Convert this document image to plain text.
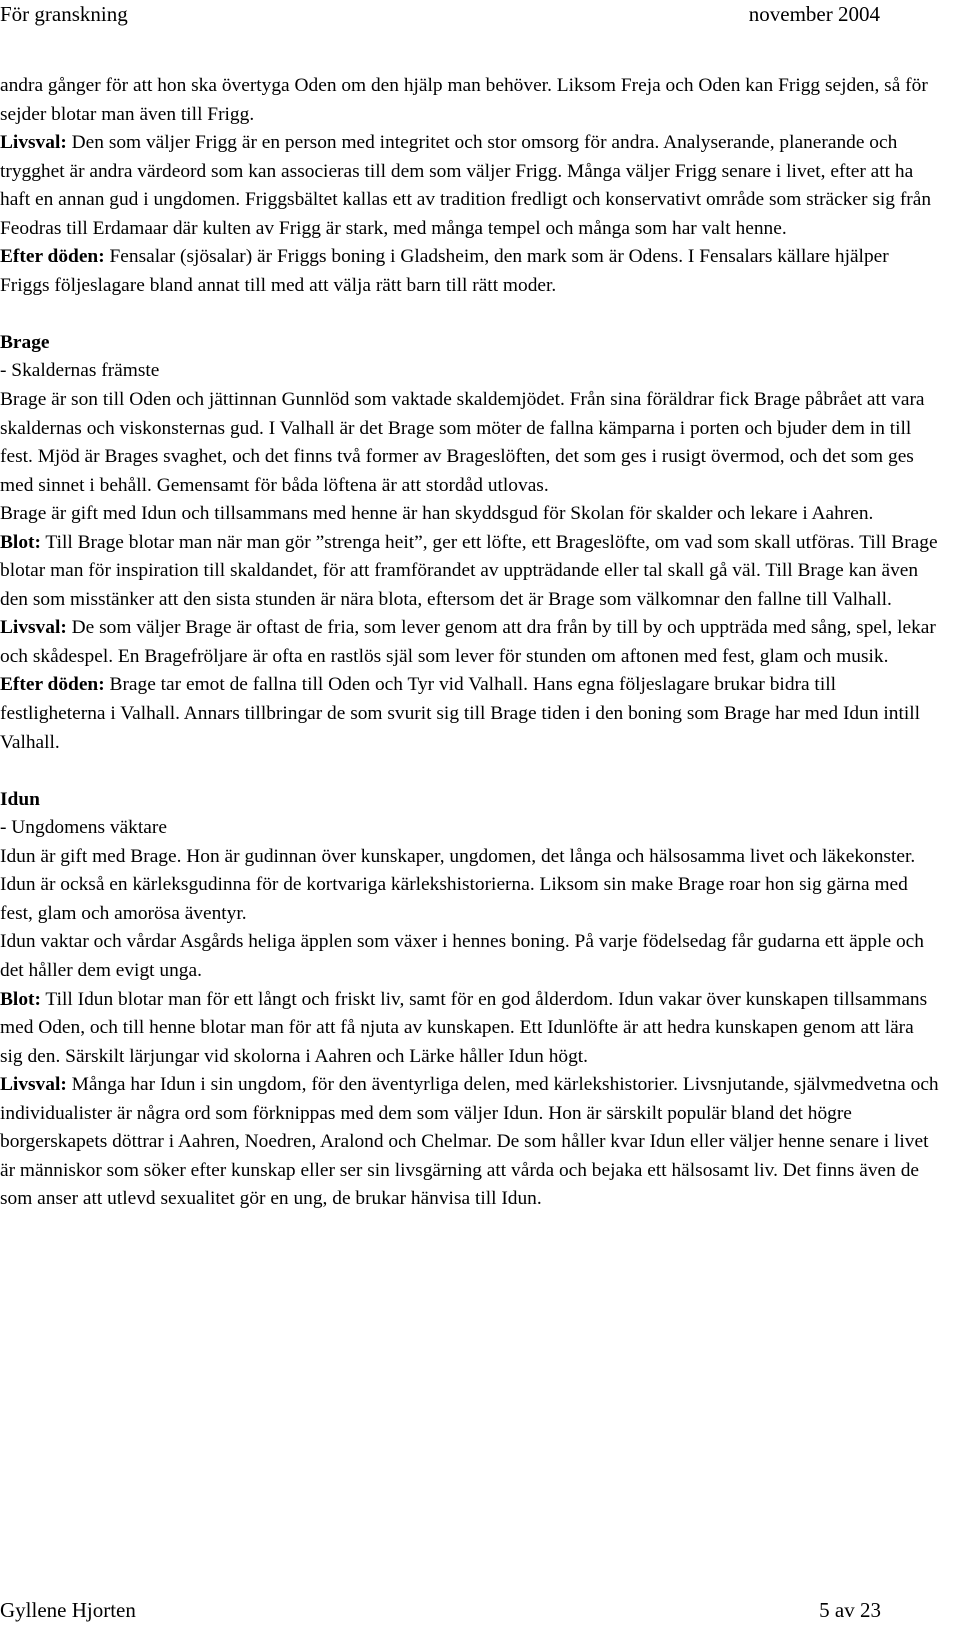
För granskning	november 2004

andra gånger för att hon ska övertyga Oden om den hjälp man behöver. Liksom Freja och Oden kan Frigg sejden, så för sejder blotar man även till Frigg.

Livsval: Den som väljer Frigg är en person med integritet och stor omsorg för andra. Analyserande, planerande och trygghet är andra värdeord som kan associeras till dem som väljer Frigg. Många väljer Frigg senare i livet, efter att ha haft en annan gud i ungdomen. Friggsbältet kallas ett av tradition fredligt och konservativt område som sträcker sig från Feodras till Erdamaar där kulten av Frigg är stark, med många tempel och många som har valt henne.

Efter döden: Fensalar (sjösalar) är Friggs boning i Gladsheim, den mark som är Odens. I Fensalars källare hjälper Friggs följeslagare bland annat till med att välja rätt barn till rätt moder.

Brage

- Skaldernas främste

Brage är son till Oden och jättinnan Gunnlöd som vaktade skaldemjödet. Från sina föräldrar fick Brage påbrået att vara skaldernas och viskonsternas gud. I Valhall är det Brage som möter de fallna kämparna i porten och bjuder dem in till fest. Mjöd är Brages svaghet, och det finns två former av Brageslöften, det som ges i rusigt övermod, och det som ges med sinnet i behåll. Gemensamt för båda löftena är att stordåd utlovas.

Brage är gift med Idun och tillsammans med henne är han skyddsgud för Skolan för skalder och lekare i Aahren.

Blot: Till Brage blotar man när man gör ”strenga heit”, ger ett löfte, ett Brageslöfte, om vad som skall utföras. Till Brage blotar man för inspiration till skaldandet, för att framförandet av uppträdande eller tal skall gå väl. Till Brage kan även den som misstänker att den sista stunden är nära blota, eftersom det är Brage som välkomnar den fallne till Valhall.

Livsval: De som väljer Brage är oftast de fria, som lever genom att dra från by till by och uppträda med sång, spel, lekar och skådespel. En Bragefröljare är ofta en rastlös själ som lever för stunden om aftonen med fest, glam och musik.

Efter döden: Brage tar emot de fallna till Oden och Tyr vid Valhall. Hans egna följeslagare brukar bidra till festligheterna i Valhall. Annars tillbringar de som svurit sig till Brage tiden i den boning som Brage har med Idun intill Valhall.

Idun

- Ungdomens väktare

Idun är gift med Brage. Hon är gudinnan över kunskaper, ungdomen, det långa och hälsosamma livet och läkekonster. Idun är också en kärleksgudinna för de kortvariga kärlekshistorierna. Liksom sin make Brage roar hon sig gärna med fest, glam och amorösa äventyr.

Idun vaktar och vårdar Asgårds heliga äpplen som växer i hennes boning. På varje födelsedag får gudarna ett äpple och det håller dem evigt unga.

Blot: Till Idun blotar man för ett långt och friskt liv, samt för en god ålderdom. Idun vakar över kunskapen tillsammans med Oden, och till henne blotar man för att få njuta av kunskapen. Ett Idunlöfte är att hedra kunskapen genom att lära sig den. Särskilt lärjungar vid skolorna i Aahren och Lärke håller Idun högt.

Livsval: Många har Idun i sin ungdom, för den äventyrliga delen, med kärlekshistorier. Livsnjutande, självmedvetna och individualister är några ord som förknippas med dem som väljer Idun. Hon är särskilt populär bland det högre borgerskapets döttrar i Aahren, Noedren, Aralond och Chelmar. De som håller kvar Idun eller väljer henne senare i livet är människor som söker efter kunskap eller ser sin livsgärning att vårda och bejaka ett hälsosamt liv. Det finns även de som anser att utlevd sexualitet gör en ung, de brukar hänvisa till Idun.

Gyllene Hjorten	5 av 23
